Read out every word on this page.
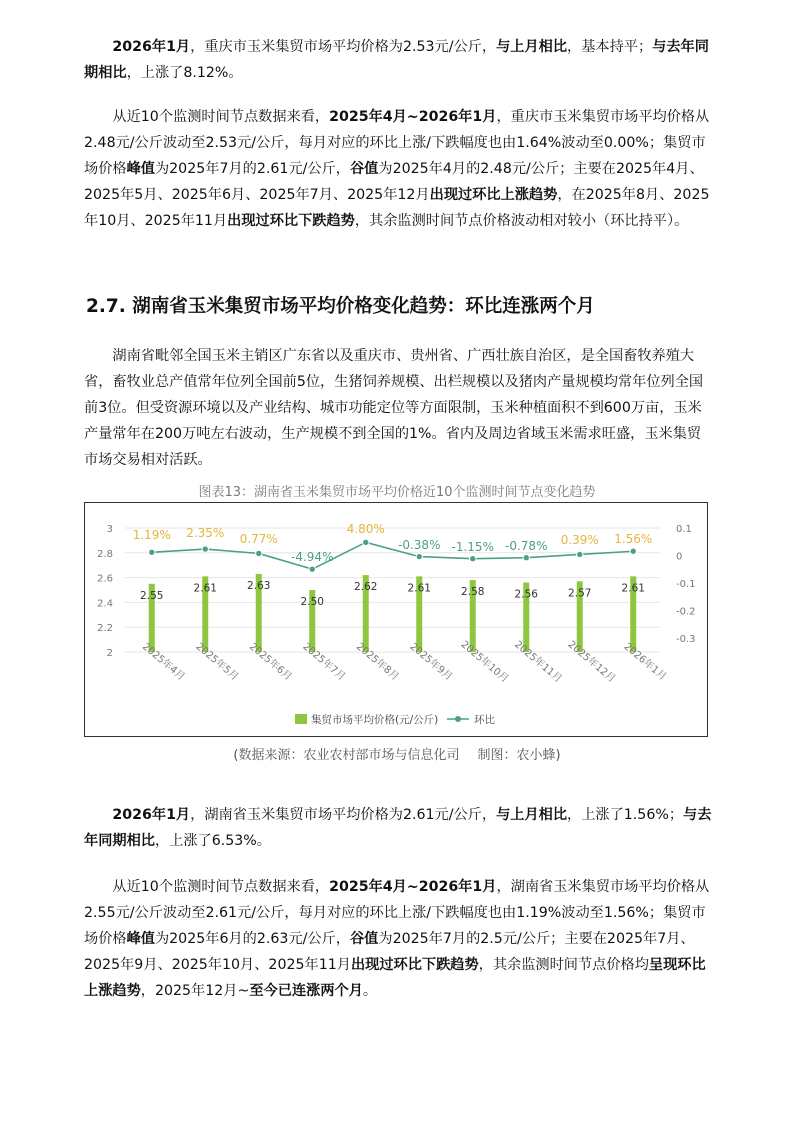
2026年1月，重庆市玉米集贸市场平均价格为2.53元/公斤，与上月相比，基本持平；与去年同期相比，上涨了8.12%。

从近10个监测时间节点数据来看，2025年4月~2026年1月，重庆市玉米集贸市场平均价格从2.48元/公斤波动至2.53元/公斤，每月对应的环比上涨/下跌幅度也由1.64%波动至0.00%；集贸市场价格峰值为2025年7月的2.61元/公斤，谷值为2025年4月的2.48元/公斤；主要在2025年4月、2025年5月、2025年6月、2025年7月、2025年12月出现过环比上涨趋势，在2025年8月、2025年10月、2025年11月出现过环比下跌趋势，其余监测时间节点价格波动相对较小（环比持平）。

2.7. 湖南省玉米集贸市场平均价格变化趋势：环比连涨两个月

湖南省毗邻全国玉米主销区广东省以及重庆市、贵州省、广西壮族自治区，是全国畜牧养殖大省，畜牧业总产值常年位列全国前5位，生猪饲养规模、出栏规模以及猪肉产量规模均常年位列全国前3位。但受资源环境以及产业结构、城市功能定位等方面限制，玉米种植面积不到600万亩，玉米产量常年在200万吨左右波动，生产规模不到全国的1%。省内及周边省域玉米需求旺盛，玉米集贸市场交易相对活跃。

图表13：湖南省玉米集贸市场平均价格近10个监测时间节点变化趋势

2
2.2
2.4
2.6
2.8
3	0.1
0
-0.1
-0.2
-0.3
2.55
2.61	2.63
2.50
2.62	2.61	2.58	2.56	2.57	2.61
1.19% 2.35% 0.77%
-4.94%
4.80%
-0.38% -1.15% -0.78% 0.39% 1.56%
2025年4月 2025年5月 2025年6月 2025年7月 2025年8月 2025年9月 2025年10月 2025年11月 2025年12月 2026年1月
集贸市场平均价格(元/公斤)	环比

(数据来源：农业农村部市场与信息化司 制图：农小蜂)

2026年1月，湖南省玉米集贸市场平均价格为2.61元/公斤，与上月相比，上涨了1.56%；与去年同期相比，上涨了6.53%。

从近10个监测时间节点数据来看，2025年4月~2026年1月，湖南省玉米集贸市场平均价格从2.55元/公斤波动至2.61元/公斤，每月对应的环比上涨/下跌幅度也由1.19%波动至1.56%；集贸市场价格峰值为2025年6月的2.63元/公斤，谷值为2025年7月的2.5元/公斤；主要在2025年7月、2025年9月、2025年10月、2025年11月出现过环比下跌趋势，其余监测时间节点价格均呈现环比上涨趋势，2025年12月~至今已连涨两个月。
